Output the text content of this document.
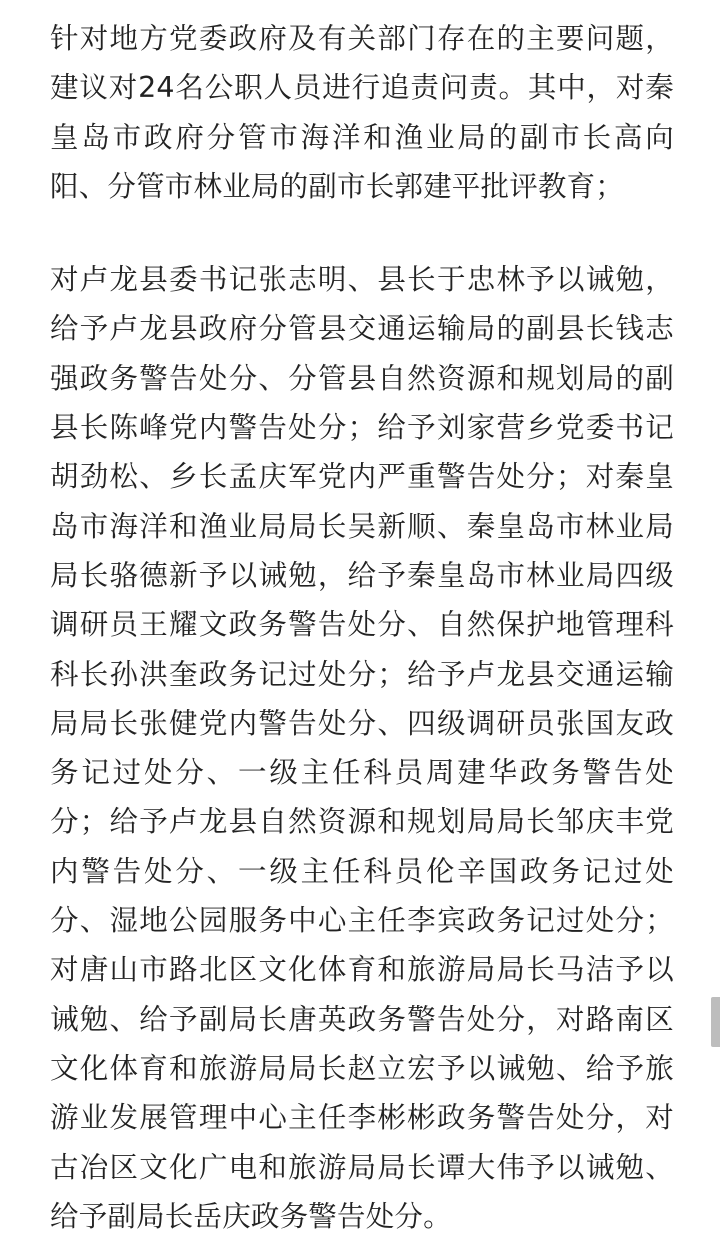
针对地方党委政府及有关部门存在的主要问题，建议对24名公职人员进行追责问责。其中，对秦皇岛市政府分管市海洋和渔业局的副市长高向阳、分管市林业局的副市长郭建平批评教育；

对卢龙县委书记张志明、县长于忠林予以诫勉，给予卢龙县政府分管县交通运输局的副县长钱志强政务警告处分、分管县自然资源和规划局的副县长陈峰党内警告处分；给予刘家营乡党委书记胡劲松、乡长孟庆军党内严重警告处分；对秦皇岛市海洋和渔业局局长吴新顺、秦皇岛市林业局局长骆德新予以诫勉，给予秦皇岛市林业局四级调研员王耀文政务警告处分、自然保护地管理科科长孙洪奎政务记过处分；给予卢龙县交通运输局局长张健党内警告处分、四级调研员张国友政务记过处分、一级主任科员周建华政务警告处分；给予卢龙县自然资源和规划局局长邹庆丰党内警告处分、一级主任科员伦辛国政务记过处分、湿地公园服务中心主任李宾政务记过处分；对唐山市路北区文化体育和旅游局局长马洁予以诫勉、给予副局长唐英政务警告处分，对路南区文化体育和旅游局局长赵立宏予以诫勉、给予旅游业发展管理中心主任李彬彬政务警告处分，对古冶区文化广电和旅游局局长谭大伟予以诫勉、给予副局长岳庆政务警告处分。
